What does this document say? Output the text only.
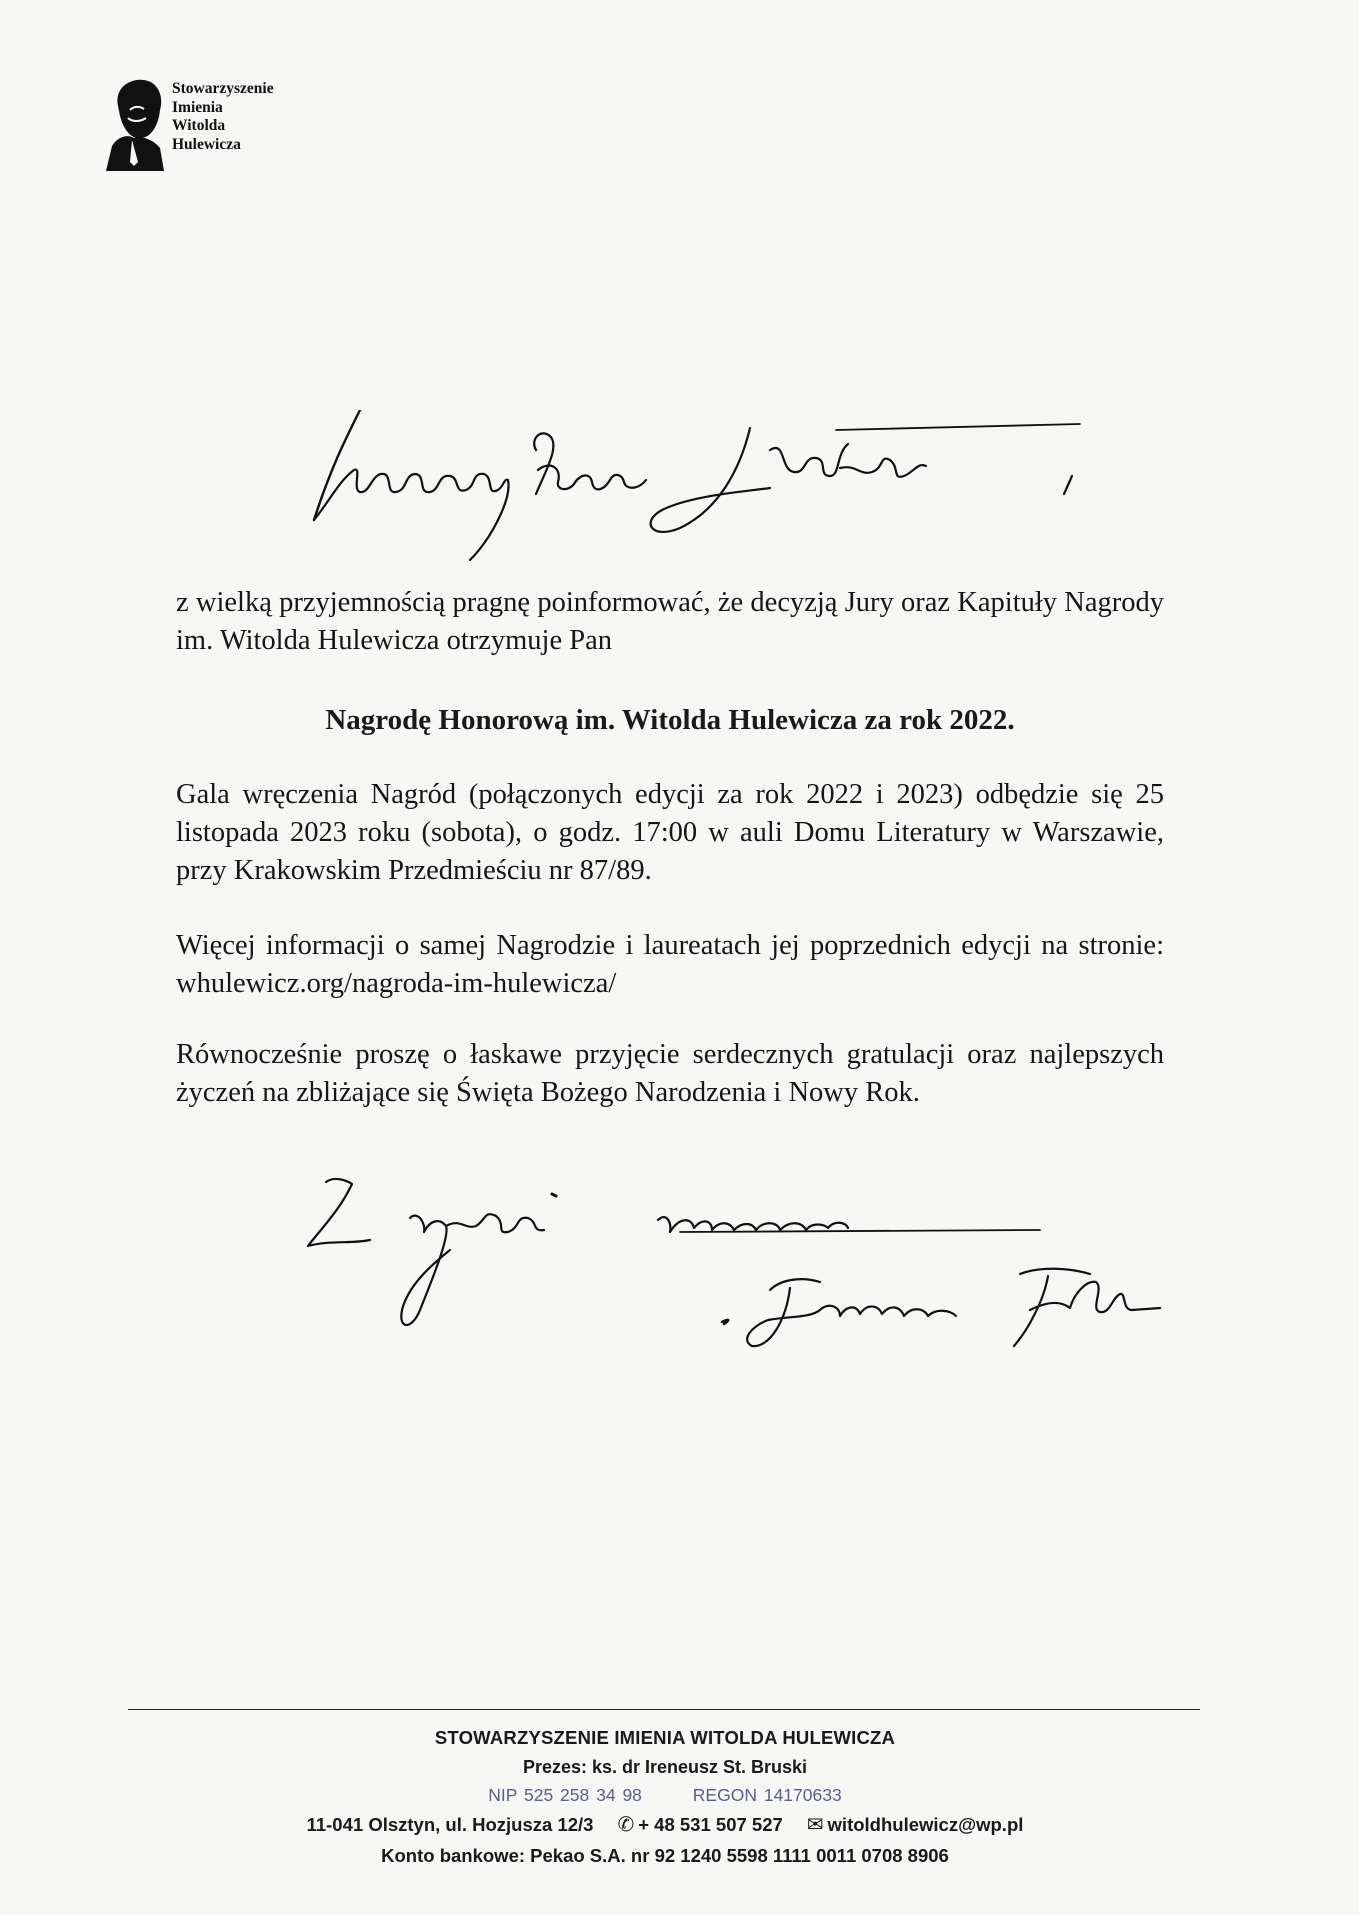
Stowarzyszenie
Imienia
Witolda
Hulewicza
z wielką przyjemnością pragnę poinformować, że decyzją Jury oraz Kapituły Nagrody im. Witolda Hulewicza otrzymuje Pan
Nagrodę Honorową im. Witolda Hulewicza za rok 2022.
Gala wręczenia Nagród (połączonych edycji za rok 2022 i 2023) odbędzie się 25 listopada 2023 roku (sobota), o godz. 17:00 w auli Domu Literatury w Warszawie, przy Krakowskim Przedmieściu nr 87/89.
Więcej informacji o samej Nagrodzie i laureatach jej poprzednich edycji na stronie: whulewicz.org/nagroda-im-hulewicza/
Równocześnie proszę o łaskawe przyjęcie serdecznych gratulacji oraz najlepszych życzeń na zbliżające się Święta Bożego Narodzenia i Nowy Rok.
STOWARZYSZENIE IMIENIA WITOLDA HULEWICZA
Prezes: ks. dr Ireneusz St. Bruski
NIP 525 258 34 98	REGON 14170633
11-041 Olsztyn, ul. Hozjusza 12/3 ✆ + 48 531 507 527 ✉ witoldhulewicz@wp.pl
Konto bankowe: Pekao S.A. nr 92 1240 5598 1111 0011 0708 8906
